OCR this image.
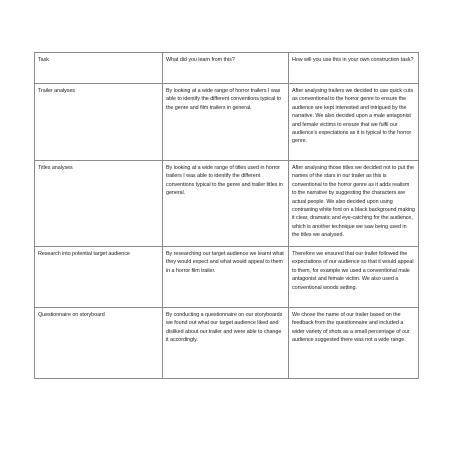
Task	What did you learn from this?	How will you use this in your own construction task?
Trailer analyses	By looking at a wide range of horror trailers I was able to identify the different conventions typical to the genre and film trailers in general.	After analysing trailers we decided to use quick cuts as conventional to the horror genre to ensure the audience are kept interested and intrigued by the narrative. We also decided upon a male antagonist and female victims to ensure that we fulfil our audience’s expectations as it is typical to the horror genre.
Titles analyses	By looking at a wide range of titles used in horror trailers I was able to identify the different conventions typical to the genre and trailer titles in general.	After analysing those titles we decided not to put the names of the stars in our trailer as this is conventional to the horror genre as it adds realism to the narrative by suggesting the characters are actual people. We also decided upon using contrasting white font on a black background making it clear, dramatic and eye-catching for the audience, which is another technique we saw being used in the titles we analysed.
Research into potential target audience	By researching our target audience we learnt what they would expect and what would appeal to them in a horror film trailer.	Therefore we ensured that our trailer followed the expectations of our audience so that it would appeal to them, for example we used a conventional male antagonist and female victim. We also used a conventional woods setting.
Questionnaire on storyboard	By conducting a questionnaire on our storyboards we found out what our target audience liked and disliked about our trailer and were able to change it accordingly.	We chose the name of our trailer based on the feedback from the questionnaire and included a wider variety of shots as a small percentage of our audience suggested there was not a wide range.
